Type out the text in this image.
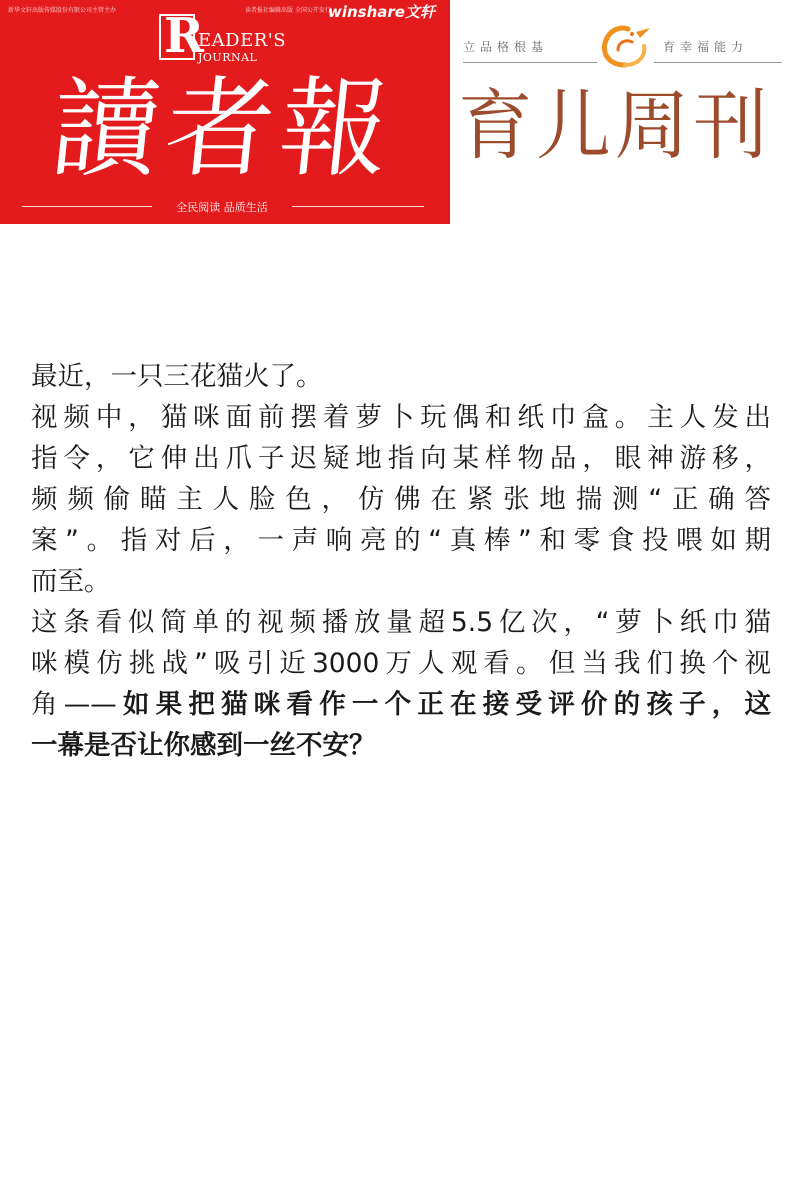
新华文轩出版传媒股份有限公司主管主办 R
EADER'S
JOURNAL
读者报社编辑出版 全国公开发行
winshare文轩
讀者報
全民阅读 品质生活
立品格根基	育幸福能力
育儿周刊

最近，一只三花猫火了。

视频中，猫咪面前摆着萝卜玩偶和纸巾盒。主人发出
指令，它伸出爪子迟疑地指向某样物品，眼神游移，
频频偷瞄主人脸色，仿佛在紧张地揣测“正确答
案”。指对后，一声响亮的“真棒”和零食投喂如期
而至。

这条看似简单的视频播放量超5.5亿次，“萝卜纸巾猫
咪模仿挑战”吸引近3000万人观看。但当我们换个视
角——如果把猫咪看作一个正在接受评价的孩子，这
一幕是否让你感到一丝不安？
